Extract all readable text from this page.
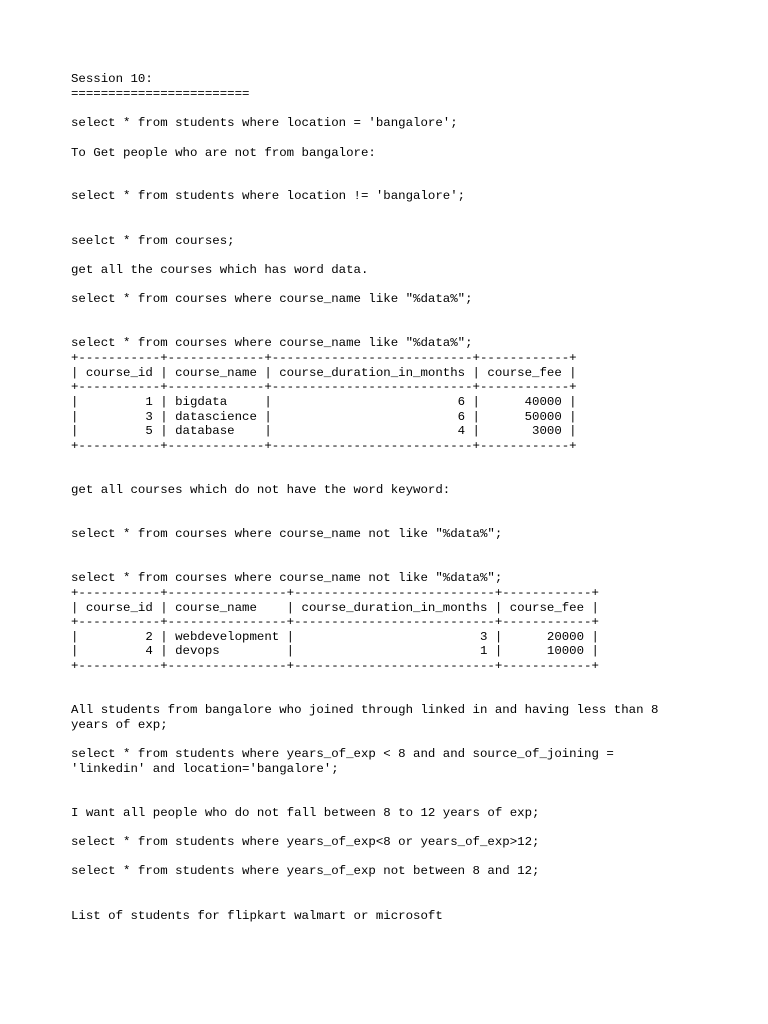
Session 10:
========================
select * from students where location = 'bangalore';
To Get people who are not from bangalore:
select * from students where location != 'bangalore';
seelct * from courses;
get all the courses which has word data.
select * from courses where course_name like "%data%";
select * from courses where course_name like "%data%";
+-----------+-------------+---------------------------+------------+
| course_id | course_name | course_duration_in_months | course_fee |
+-----------+-------------+---------------------------+------------+
|         1 | bigdata     |                         6 |      40000 |
|         3 | datascience |                         6 |      50000 |
|         5 | database    |                         4 |       3000 |
+-----------+-------------+---------------------------+------------+
get all courses which do not have the word keyword:
select * from courses where course_name not like "%data%";
select * from courses where course_name not like "%data%";
+-----------+----------------+---------------------------+------------+
| course_id | course_name    | course_duration_in_months | course_fee |
+-----------+----------------+---------------------------+------------+
|         2 | webdevelopment |                         3 |      20000 |
|         4 | devops         |                         1 |      10000 |
+-----------+----------------+---------------------------+------------+
All students from bangalore who joined through linked in and having less than 8
years of exp;
select * from students where years_of_exp < 8 and and source_of_joining =
'linkedin' and location='bangalore';
I want all people who do not fall between 8 to 12 years of exp;
select * from students where years_of_exp<8 or years_of_exp>12;
select * from students where years_of_exp not between 8 and 12;
List of students for flipkart walmart or microsoft
